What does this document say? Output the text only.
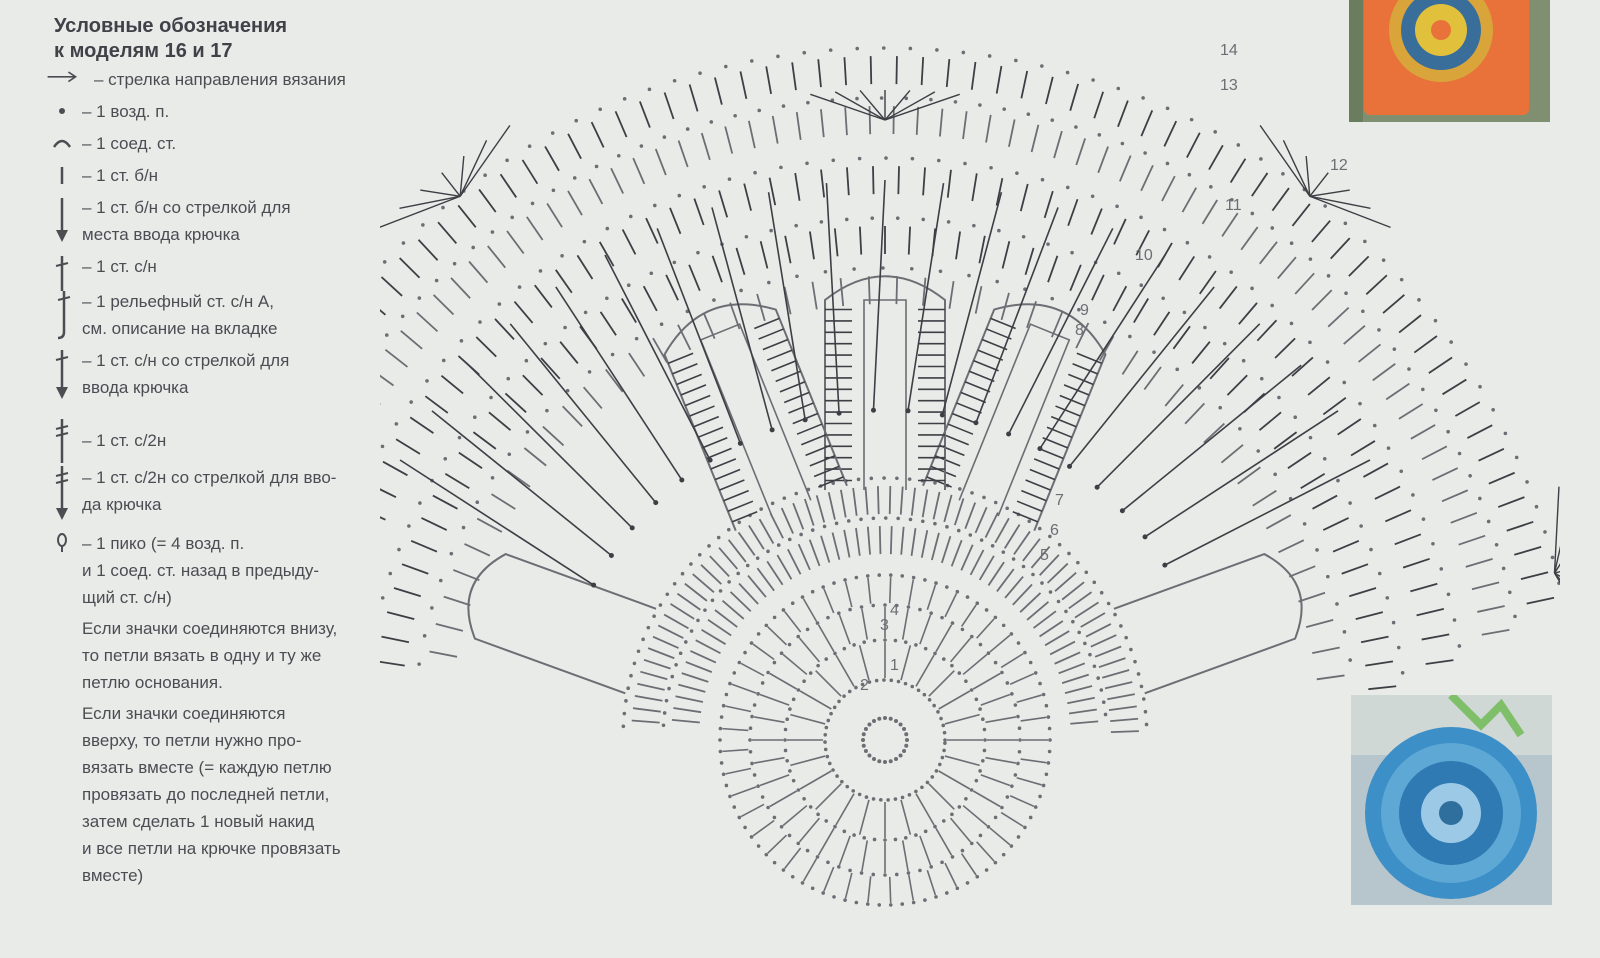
Условные обозначения
к моделям 16 и 17
– стрелка направления вязания
– 1 возд. п.
– 1 соед. ст.
– 1 ст. б/н
– 1 ст. б/н со стрелкой для
места ввода крючка
– 1 ст. с/н
– 1 рельефный ст. с/н А,
см. описание на вкладке
– 1 ст. с/н со стрелкой для
ввода крючка
– 1 ст. с/2н
– 1 ст. с/2н со стрелкой для вво-
да крючка
– 1 пико (= 4 возд. п.
и 1 соед. ст. назад в предыду-
щий ст. с/н)
Если значки соединяются внизу,
то петли вязать в одну и ту же
петлю основания.
Если значки соединяются
вверху, то петли нужно про-
вязать вместе (= каждую петлю
провязать до последней петли,
затем сделать 1 новый накид
и все петли на крючке провязать
вместе)
1
2
3
4
5
6
7
8
9
10
11
12
13
14
